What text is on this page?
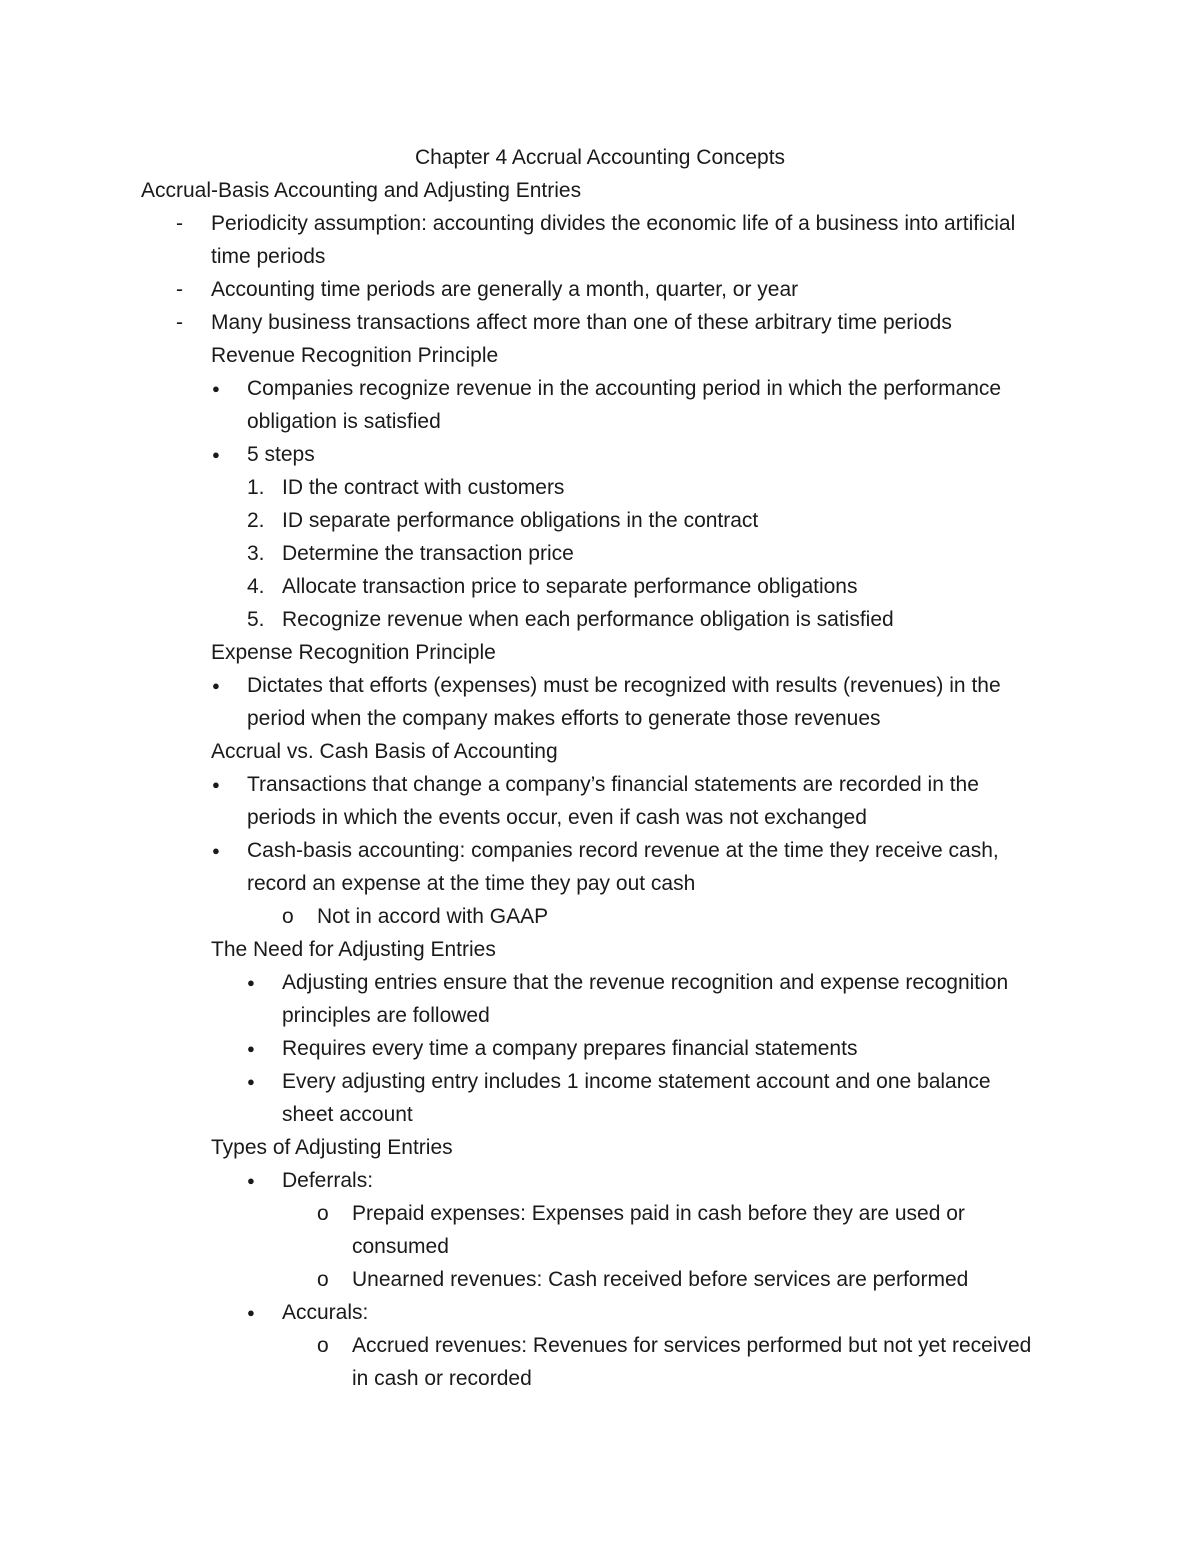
Chapter 4 Accrual Accounting Concepts
Accrual-Basis Accounting and Adjusting Entries
- Periodicity assumption: accounting divides the economic life of a business into artificial time periods
- Accounting time periods are generally a month, quarter, or year
- Many business transactions affect more than one of these arbitrary time periods
Revenue Recognition Principle
● Companies recognize revenue in the accounting period in which the performance obligation is satisfied
● 5 steps
1. ID the contract with customers
2. ID separate performance obligations in the contract
3. Determine the transaction price
4. Allocate transaction price to separate performance obligations
5. Recognize revenue when each performance obligation is satisfied
Expense Recognition Principle
● Dictates that efforts (expenses) must be recognized with results (revenues) in the period when the company makes efforts to generate those revenues
Accrual vs. Cash Basis of Accounting
● Transactions that change a company’s financial statements are recorded in the periods in which the events occur, even if cash was not exchanged
● Cash-basis accounting: companies record revenue at the time they receive cash, record an expense at the time they pay out cash
o Not in accord with GAAP
The Need for Adjusting Entries
● Adjusting entries ensure that the revenue recognition and expense recognition principles are followed
● Requires every time a company prepares financial statements
● Every adjusting entry includes 1 income statement account and one balance sheet account
Types of Adjusting Entries
● Deferrals:
o Prepaid expenses: Expenses paid in cash before they are used or consumed
o Unearned revenues: Cash received before services are performed
● Accurals:
o Accrued revenues: Revenues for services performed but not yet received in cash or recorded
